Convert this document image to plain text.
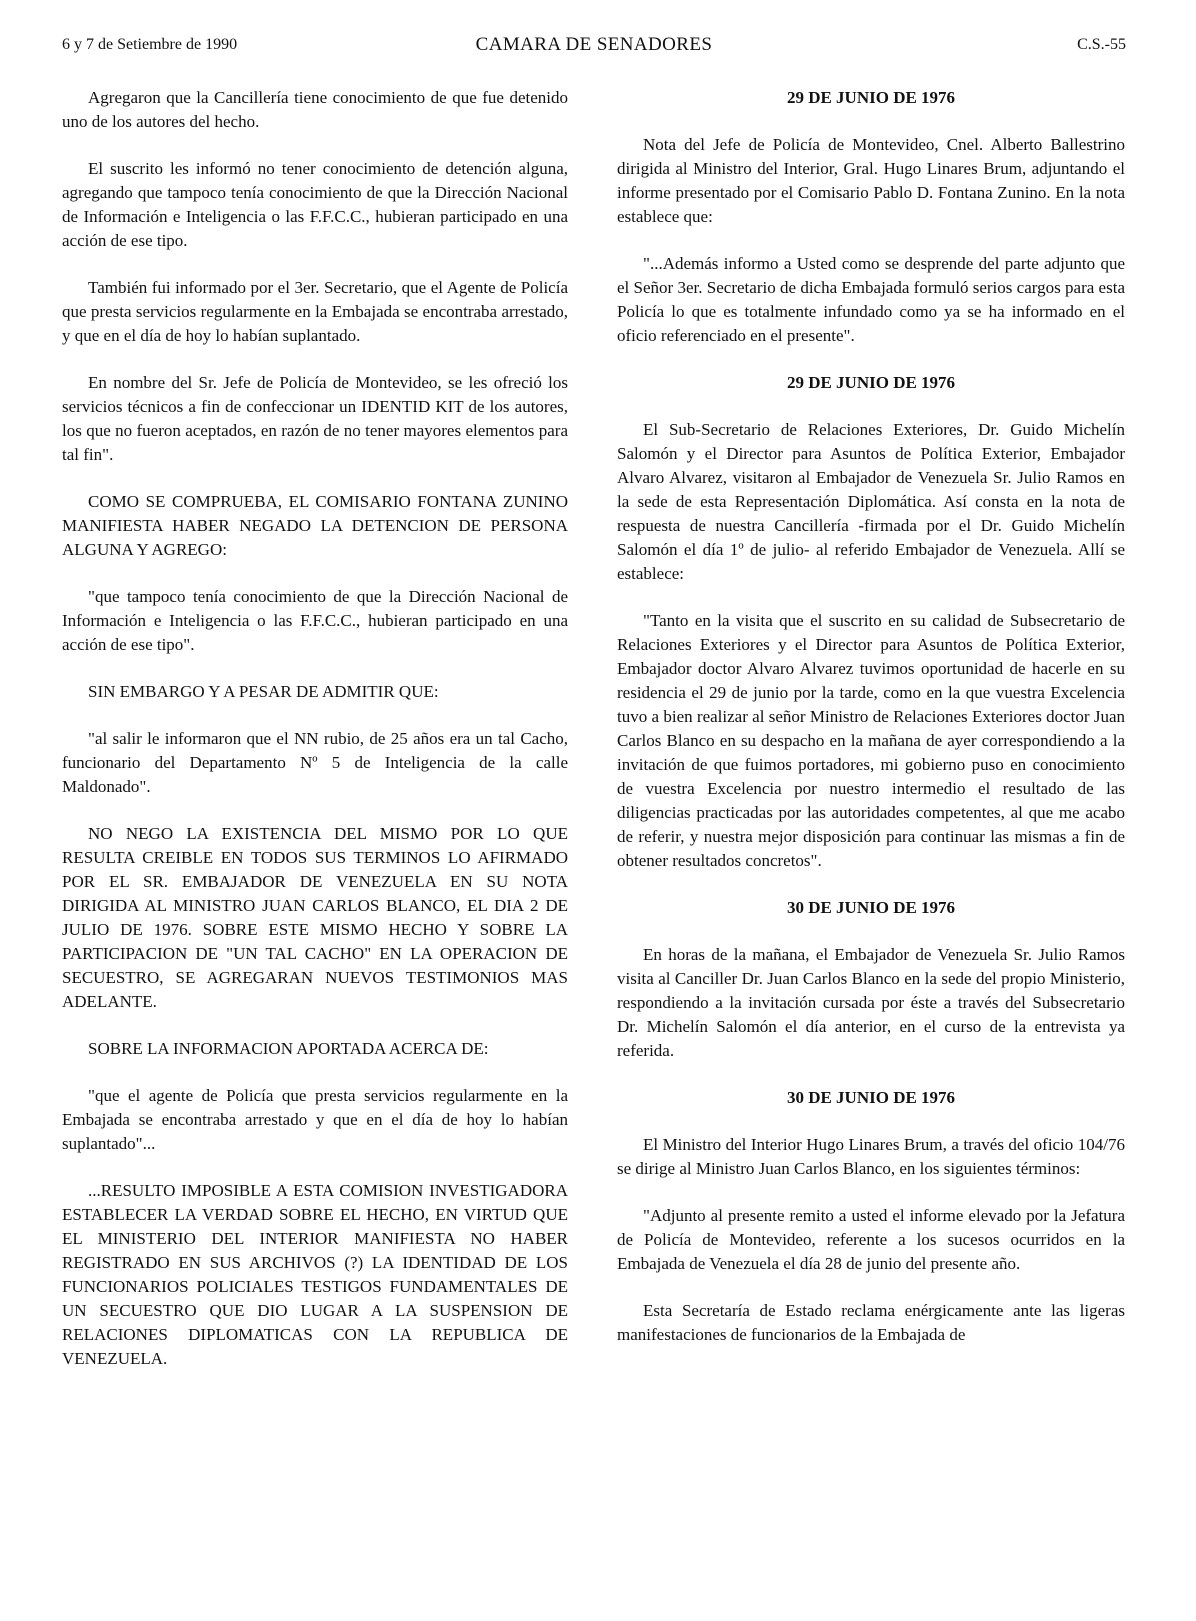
6 y 7 de Setiembre de 1990	CAMARA DE SENADORES	C.S.-55

Agregaron que la Cancillería tiene conocimiento de que fue detenido uno de los autores del hecho.

El suscrito les informó no tener conocimiento de detención alguna, agregando que tampoco tenía conocimiento de que la Dirección Nacional de Información e Inteligencia o las F.F.C.C., hubieran participado en una acción de ese tipo.

También fui informado por el 3er. Secretario, que el Agente de Policía que presta servicios regularmente en la Embajada se encontraba arrestado, y que en el día de hoy lo habían suplantado.

En nombre del Sr. Jefe de Policía de Montevideo, se les ofreció los servicios técnicos a fin de confeccionar un IDENTID KIT de los autores, los que no fueron aceptados, en razón de no tener mayores elementos para tal fin".

COMO SE COMPRUEBA, EL COMISARIO FONTANA ZUNINO MANIFIESTA HABER NEGADO LA DETENCION DE PERSONA ALGUNA Y AGREGO:

"que tampoco tenía conocimiento de que la Dirección Nacional de Información e Inteligencia o las F.F.C.C., hubieran participado en una acción de ese tipo".

SIN EMBARGO Y A PESAR DE ADMITIR QUE:

"al salir le informaron que el NN rubio, de 25 años era un tal Cacho, funcionario del Departamento Nº 5 de Inteligencia de la calle Maldonado".

NO NEGO LA EXISTENCIA DEL MISMO POR LO QUE RESULTA CREIBLE EN TODOS SUS TERMINOS LO AFIRMADO POR EL SR. EMBAJADOR DE VENEZUELA EN SU NOTA DIRIGIDA AL MINISTRO JUAN CARLOS BLANCO, EL DIA 2 DE JULIO DE 1976. SOBRE ESTE MISMO HECHO Y SOBRE LA PARTICIPACION DE "UN TAL CACHO" EN LA OPERACION DE SECUESTRO, SE AGREGARAN NUEVOS TESTIMONIOS MAS ADELANTE.

SOBRE LA INFORMACION APORTADA ACERCA DE:

"que el agente de Policía que presta servicios regularmente en la Embajada se encontraba arrestado y que en el día de hoy lo habían suplantado"...

...RESULTO IMPOSIBLE A ESTA COMISION INVESTIGADORA ESTABLECER LA VERDAD SOBRE EL HECHO, EN VIRTUD QUE EL MINISTERIO DEL INTERIOR MANIFIESTA NO HABER REGISTRADO EN SUS ARCHIVOS (?) LA IDENTIDAD DE LOS FUNCIONARIOS POLICIALES TESTIGOS FUNDAMENTALES DE UN SECUESTRO QUE DIO LUGAR A LA SUSPENSION DE RELACIONES DIPLOMATICAS CON LA REPUBLICA DE VENEZUELA.

29 DE JUNIO DE 1976

Nota del Jefe de Policía de Montevideo, Cnel. Alberto Ballestrino dirigida al Ministro del Interior, Gral. Hugo Linares Brum, adjuntando el informe presentado por el Comisario Pablo D. Fontana Zunino. En la nota establece que:

"...Además informo a Usted como se desprende del parte adjunto que el Señor 3er. Secretario de dicha Embajada formuló serios cargos para esta Policía lo que es totalmente infundado como ya se ha informado en el oficio referenciado en el presente".

29 DE JUNIO DE 1976

El Sub-Secretario de Relaciones Exteriores, Dr. Guido Michelín Salomón y el Director para Asuntos de Política Exterior, Embajador Alvaro Alvarez, visitaron al Embajador de Venezuela Sr. Julio Ramos en la sede de esta Representación Diplomática. Así consta en la nota de respuesta de nuestra Cancillería -firmada por el Dr. Guido Michelín Salomón el día 1º de julio- al referido Embajador de Venezuela. Allí se establece:

"Tanto en la visita que el suscrito en su calidad de Subsecretario de Relaciones Exteriores y el Director para Asuntos de Política Exterior, Embajador doctor Alvaro Alvarez tuvimos oportunidad de hacerle en su residencia el 29 de junio por la tarde, como en la que vuestra Excelencia tuvo a bien realizar al señor Ministro de Relaciones Exteriores doctor Juan Carlos Blanco en su despacho en la mañana de ayer correspondiendo a la invitación de que fuimos portadores, mi gobierno puso en conocimiento de vuestra Excelencia por nuestro intermedio el resultado de las diligencias practicadas por las autoridades competentes, al que me acabo de referir, y nuestra mejor disposición para continuar las mismas a fin de obtener resultados concretos".

30 DE JUNIO DE 1976

En horas de la mañana, el Embajador de Venezuela Sr. Julio Ramos visita al Canciller Dr. Juan Carlos Blanco en la sede del propio Ministerio, respondiendo a la invitación cursada por éste a través del Subsecretario Dr. Michelín Salomón el día anterior, en el curso de la entrevista ya referida.

30 DE JUNIO DE 1976

El Ministro del Interior Hugo Linares Brum, a través del oficio 104/76 se dirige al Ministro Juan Carlos Blanco, en los siguientes términos:

"Adjunto al presente remito a usted el informe elevado por la Jefatura de Policía de Montevideo, referente a los sucesos ocurridos en la Embajada de Venezuela el día 28 de junio del presente año.

Esta Secretaría de Estado reclama enérgicamente ante las ligeras manifestaciones de funcionarios de la Embajada de
